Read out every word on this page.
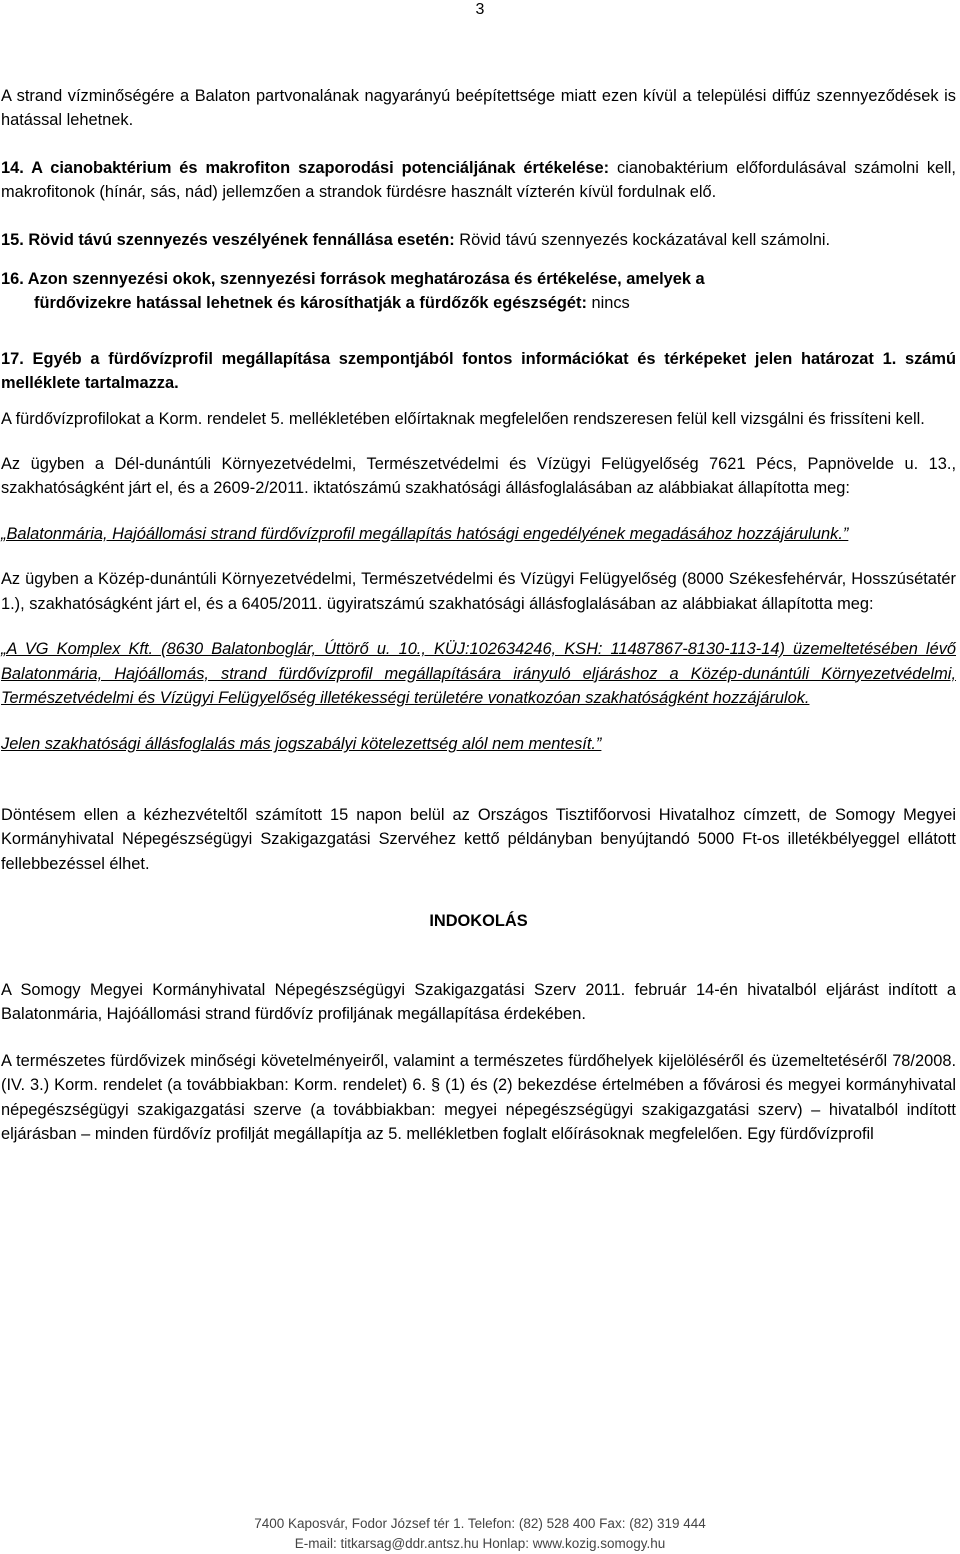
3

A strand vízminőségére a Balaton partvonalának nagyarányú beépítettsége miatt ezen kívül a települési diffúz szennyeződések is hatással lehetnek.

14. A cianobaktérium és makrofiton szaporodási potenciáljának értékelése: cianobaktérium előfordulásával számolni kell, makrofitonok (hínár, sás, nád) jellemzően a strandok fürdésre használt vízterén kívül fordulnak elő.

15. Rövid távú szennyezés veszélyének fennállása esetén: Rövid távú szennyezés kockázatával kell számolni.

16. Azon szennyezési okok, szennyezési források meghatározása és értékelése, amelyek a

fürdővizekre hatással lehetnek és károsíthatják a fürdőzők egészségét: nincs

17. Egyéb a fürdővízprofil megállapítása szempontjából fontos információkat és térképeket jelen határozat 1. számú melléklete tartalmazza.

A fürdővízprofilokat a Korm. rendelet 5. mellékletében előírtaknak megfelelően rendszeresen felül kell vizsgálni és frissíteni kell.

Az ügyben a Dél-dunántúli Környezetvédelmi, Természetvédelmi és Vízügyi Felügyelőség 7621 Pécs, Papnövelde u. 13., szakhatóságként járt el, és a 2609-2/2011. iktatószámú szakhatósági állásfoglalásában az alábbiakat állapította meg:

„Balatonmária, Hajóállomási strand fürdővízprofil megállapítás hatósági engedélyének megadásához hozzájárulunk.”

Az ügyben a Közép-dunántúli Környezetvédelmi, Természetvédelmi és Vízügyi Felügyelőség (8000 Székesfehérvár, Hosszúsétatér 1.), szakhatóságként járt el, és a 6405/2011. ügyiratszámú szakhatósági állásfoglalásában az alábbiakat állapította meg:

„A VG Komplex Kft. (8630 Balatonboglár, Úttörő u. 10., KÜJ:102634246, KSH: 11487867-8130-113-14) üzemeltetésében lévő Balatonmária, Hajóállomás, strand fürdővízprofil megállapítására irányuló eljáráshoz a Közép-dunántúli Környezetvédelmi, Természetvédelmi és Vízügyi Felügyelőség illetékességi területére vonatkozóan szakhatóságként hozzájárulok.

Jelen szakhatósági állásfoglalás más jogszabályi kötelezettség alól nem mentesít.”

Döntésem ellen a kézhezvételtől számított 15 napon belül az Országos Tisztifőorvosi Hivatalhoz címzett, de Somogy Megyei Kormányhivatal Népegészségügyi Szakigazgatási Szervéhez kettő példányban benyújtandó 5000 Ft-os illetékbélyeggel ellátott fellebbezéssel élhet.

INDOKOLÁS

A Somogy Megyei Kormányhivatal Népegészségügyi Szakigazgatási Szerv 2011. február 14-én hivatalból eljárást indított a Balatonmária, Hajóállomási strand fürdővíz profiljának megállapítása érdekében.

A természetes fürdővizek minőségi követelményeiről, valamint a természetes fürdőhelyek kijelöléséről és üzemeltetéséről 78/2008. (IV. 3.) Korm. rendelet (a továbbiakban: Korm. rendelet) 6. § (1) és (2) bekezdése értelmében a fővárosi és megyei kormányhivatal népegészségügyi szakigazgatási szerve (a továbbiakban: megyei népegészségügyi szakigazgatási szerv) – hivatalból indított eljárásban – minden fürdővíz profilját megállapítja az 5. mellékletben foglalt előírásoknak megfelelően. Egy fürdővízprofil

7400 Kaposvár, Fodor József tér 1. Telefon: (82) 528 400 Fax: (82) 319 444
E-mail: titkarsag@ddr.antsz.hu Honlap: www.kozig.somogy.hu
